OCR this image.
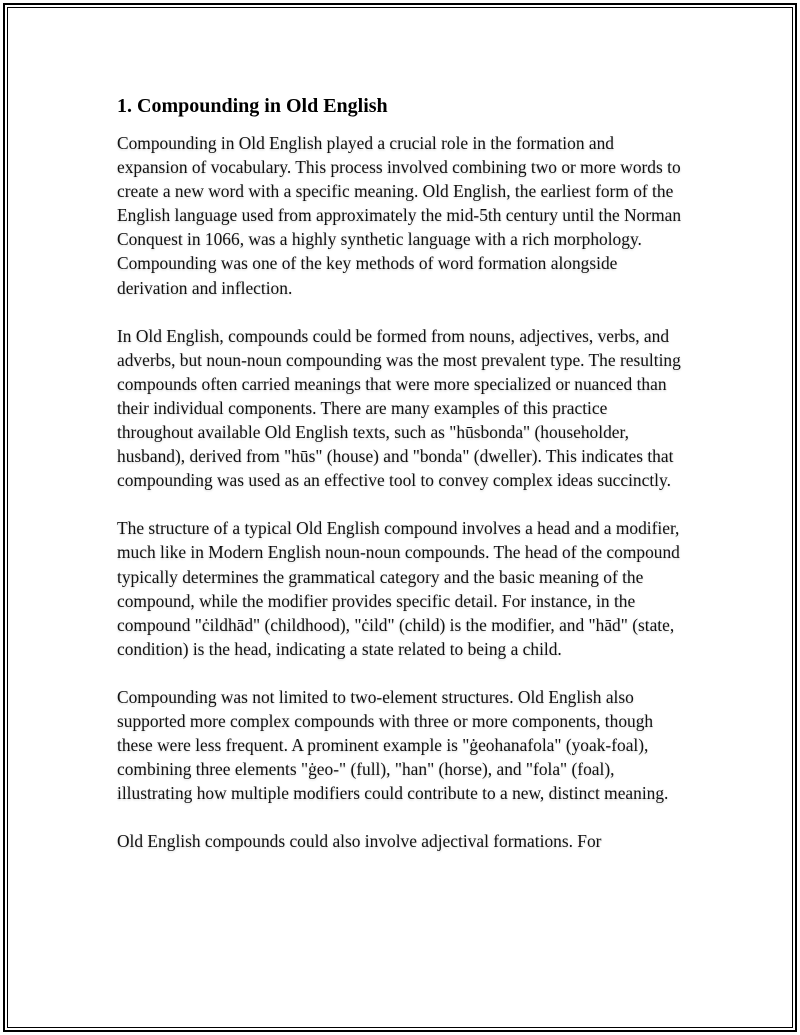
1. Compounding in Old English

Compounding in Old English played a crucial role in the formation and expansion of vocabulary. This process involved combining two or more words to create a new word with a specific meaning. Old English, the earliest form of the English language used from approximately the mid-5th century until the Norman Conquest in 1066, was a highly synthetic language with a rich morphology. Compounding was one of the key methods of word formation alongside derivation and inflection.

In Old English, compounds could be formed from nouns, adjectives, verbs, and adverbs, but noun-noun compounding was the most prevalent type. The resulting compounds often carried meanings that were more specialized or nuanced than their individual components. There are many examples of this practice throughout available Old English texts, such as "hūsbonda" (householder, husband), derived from "hūs" (house) and "bonda" (dweller). This indicates that compounding was used as an effective tool to convey complex ideas succinctly.

The structure of a typical Old English compound involves a head and a modifier, much like in Modern English noun-noun compounds. The head of the compound typically determines the grammatical category and the basic meaning of the compound, while the modifier provides specific detail. For instance, in the compound "ċildhād" (childhood), "ċild" (child) is the modifier, and "hād" (state, condition) is the head, indicating a state related to being a child.

Compounding was not limited to two-element structures. Old English also supported more complex compounds with three or more components, though these were less frequent. A prominent example is "ġeohanafola" (yoak-foal), combining three elements "ġeo-" (full), "han" (horse), and "fola" (foal), illustrating how multiple modifiers could contribute to a new, distinct meaning.

Old English compounds could also involve adjectival formations. For
